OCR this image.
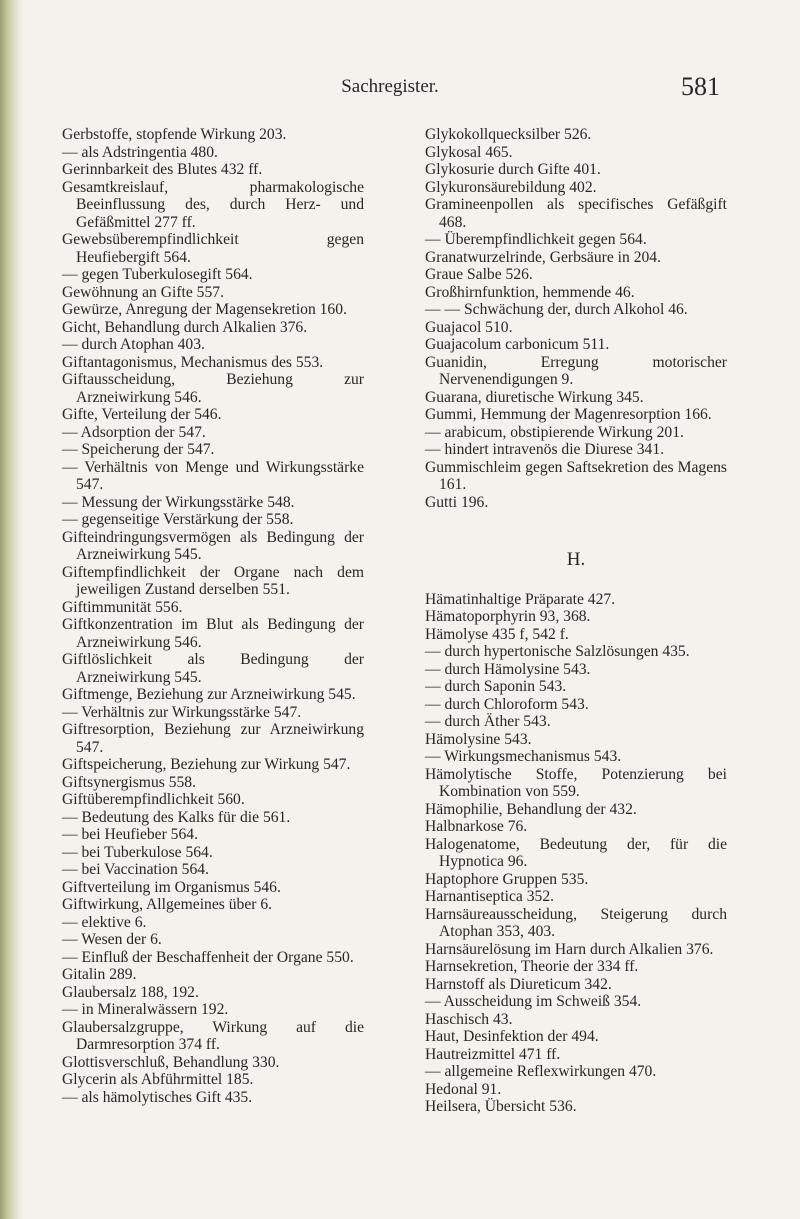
Sachregister.	581
Gerbstoffe, stopfende Wirkung 203.
— als Adstringentia 480.
Gerinnbarkeit des Blutes 432 ff.
Gesamtkreislauf, pharmakologische Beeinflussung des, durch Herz- und Gefäßmittel 277 ff.
Gewebsüberempfindlichkeit gegen Heufiebergift 564.
— gegen Tuberkulosegift 564.
Gewöhnung an Gifte 557.
Gewürze, Anregung der Magensekretion 160.
Gicht, Behandlung durch Alkalien 376.
— durch Atophan 403.
Giftantagonismus, Mechanismus des 553.
Giftausscheidung, Beziehung zur Arzneiwirkung 546.
Gifte, Verteilung der 546.
— Adsorption der 547.
— Speicherung der 547.
— Verhältnis von Menge und Wirkungsstärke 547.
— Messung der Wirkungsstärke 548.
— gegenseitige Verstärkung der 558.
Gifteindringungsvermögen als Bedingung der Arzneiwirkung 545.
Giftempfindlichkeit der Organe nach dem jeweiligen Zustand derselben 551.
Giftimmunität 556.
Giftkonzentration im Blut als Bedingung der Arzneiwirkung 546.
Giftlöslichkeit als Bedingung der Arzneiwirkung 545.
Giftmenge, Beziehung zur Arzneiwirkung 545.
— Verhältnis zur Wirkungsstärke 547.
Giftresorption, Beziehung zur Arzneiwirkung 547.
Giftspeicherung, Beziehung zur Wirkung 547.
Giftsynergismus 558.
Giftüberempfindlichkeit 560.
— Bedeutung des Kalks für die 561.
— bei Heufieber 564.
— bei Tuberkulose 564.
— bei Vaccination 564.
Giftverteilung im Organismus 546.
Giftwirkung, Allgemeines über 6.
— elektive 6.
— Wesen der 6.
— Einfluß der Beschaffenheit der Organe 550.
Gitalin 289.
Glaubersalz 188, 192.
— in Mineralwässern 192.
Glaubersalzgruppe, Wirkung auf die Darmresorption 374 ff.
Glottisverschluß, Behandlung 330.
Glycerin als Abführmittel 185.
— als hämolytisches Gift 435.
Glykokollquecksilber 526.
Glykosal 465.
Glykosurie durch Gifte 401.
Glykuronsäurebildung 402.
Gramineenpollen als specifisches Gefäßgift 468.
— Überempfindlichkeit gegen 564.
Granatwurzelrinde, Gerbsäure in 204.
Graue Salbe 526.
Großhirnfunktion, hemmende 46.
— — Schwächung der, durch Alkohol 46.
Guajacol 510.
Guajacolum carbonicum 511.
Guanidin, Erregung motorischer Nervenendigungen 9.
Guarana, diuretische Wirkung 345.
Gummi, Hemmung der Magenresorption 166.
— arabicum, obstipierende Wirkung 201.
— hindert intravenös die Diurese 341.
Gummischleim gegen Saftsekretion des Magens 161.
Gutti 196.
H.
Hämatinhaltige Präparate 427.
Hämatoporphyrin 93, 368.
Hämolyse 435 f, 542 f.
— durch hypertonische Salzlösungen 435.
— durch Hämolysine 543.
— durch Saponin 543.
— durch Chloroform 543.
— durch Äther 543.
Hämolysine 543.
— Wirkungsmechanismus 543.
Hämolytische Stoffe, Potenzierung bei Kombination von 559.
Hämophilie, Behandlung der 432.
Halbnarkose 76.
Halogenatome, Bedeutung der, für die Hypnotica 96.
Haptophore Gruppen 535.
Harnantiseptica 352.
Harnsäureausscheidung, Steigerung durch Atophan 353, 403.
Harnsäurelösung im Harn durch Alkalien 376.
Harnsekretion, Theorie der 334 ff.
Harnstoff als Diureticum 342.
— Ausscheidung im Schweiß 354.
Haschisch 43.
Haut, Desinfektion der 494.
Hautreizmittel 471 ff.
— allgemeine Reflexwirkungen 470.
Hedonal 91.
Heilsera, Übersicht 536.
